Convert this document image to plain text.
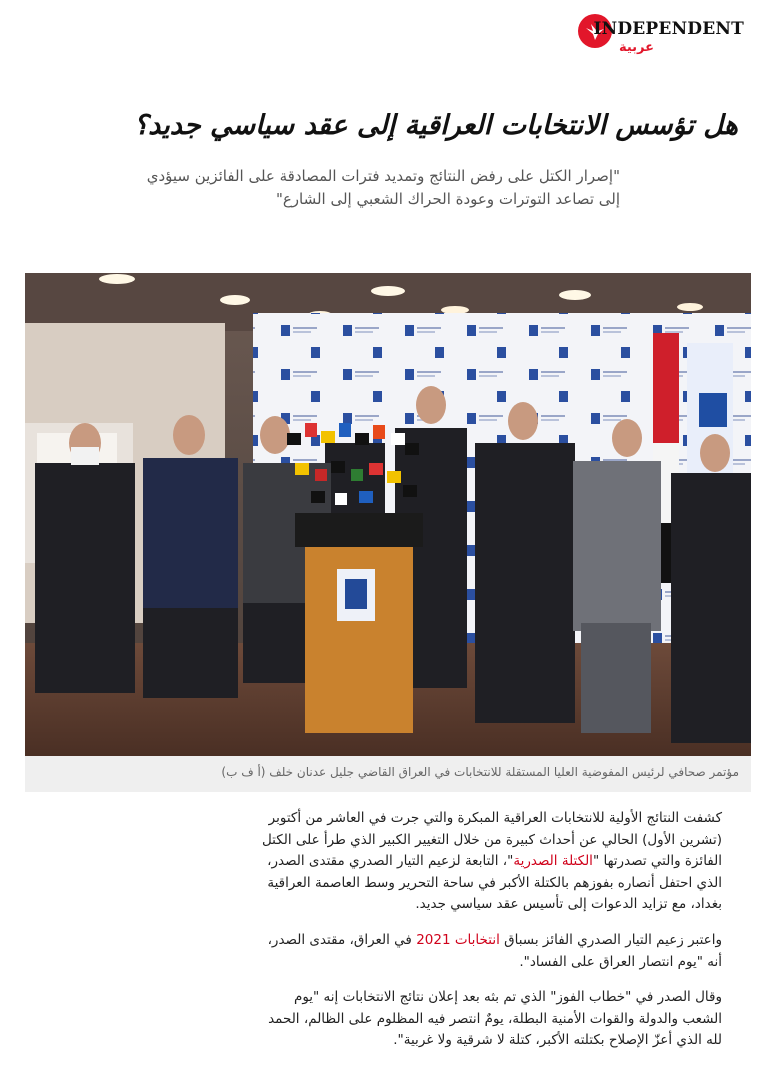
INDEPENDENT
عربية
هل تؤسس الانتخابات العراقية إلى عقد سياسي جديد؟

"إصرار الكتل على رفض النتائج وتمديد فترات المصادقة على الفائزين سيؤدي إلى تصاعد التوترات وعودة الحراك الشعبي إلى الشارع"

مؤتمر صحافي لرئيس المفوضية العليا المستقلة للانتخابات في العراق القاضي جليل عدنان خلف (أ ف ب)

كشفت النتائج الأولية للانتخابات العراقية المبكرة والتي جرت في العاشر من أكتوبر (تشرين الأول) الحالي عن أحداث كبيرة من خلال التغيير الكبير الذي طرأ على الكتل الفائزة والتي تصدرتها "الكتلة الصدرية"، التابعة لزعيم التيار الصدري مقتدى الصدر، الذي احتفل أنصاره بفوزهم بالكتلة الأكبر في ساحة التحرير وسط العاصمة العراقية بغداد، مع تزايد الدعوات إلى تأسيس عقد سياسي جديد.

واعتبر زعيم التيار الصدري الفائز بسباق انتخابات 2021 في العراق، مقتدى الصدر، أنه "يوم انتصار العراق على الفساد".

وقال الصدر في "خطاب الفوز" الذي تم بثه بعد إعلان نتائج الانتخابات إنه "يوم الشعب والدولة والقوات الأمنية البطلة، يومٌ انتصر فيه المظلوم على الظالم، الحمد لله الذي أعزّ الإصلاح بكتلته الأكبر، كتلة لا شرقية ولا غربية".
